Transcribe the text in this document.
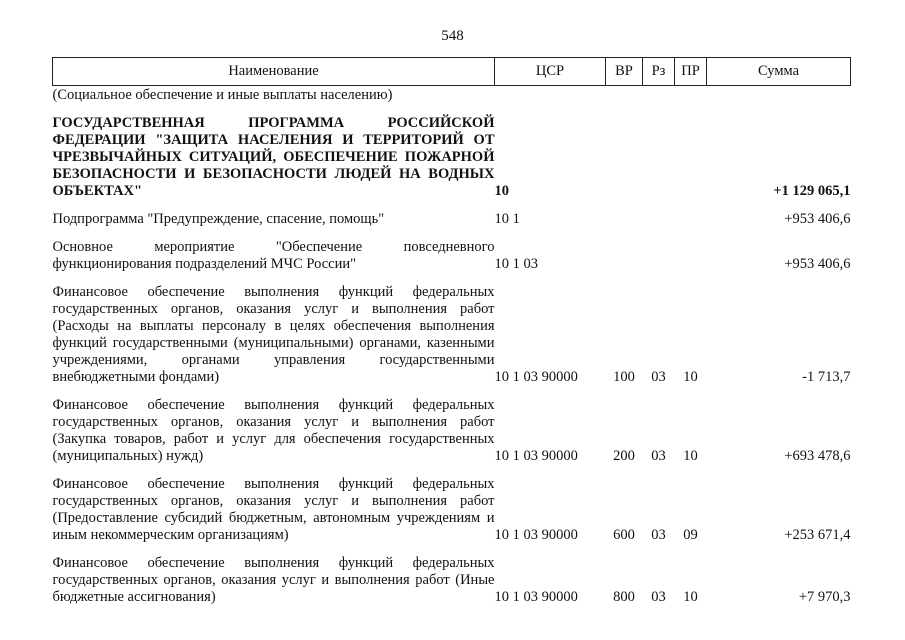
548
Наименование	ЦСР	ВР	Рз	ПР	Сумма
(Социальное обеспечение и иные выплаты населению)					

ГОСУДАРСТВЕННАЯ ПРОГРАММА РОССИЙСКОЙ ФЕДЕРАЦИИ "ЗАЩИТА НАСЕЛЕНИЯ И ТЕРРИТОРИЙ ОТ ЧРЕЗВЫЧАЙНЫХ СИТУАЦИЙ, ОБЕСПЕЧЕНИЕ ПОЖАРНОЙ БЕЗОПАСНОСТИ И БЕЗОПАСНОСТИ ЛЮДЕЙ НА ВОДНЫХ ОБЪЕКТАХ"	10				+1 129 065,1

Подпрограмма "Предупреждение, спасение, помощь"	10 1				+953 406,6

Основное мероприятие "Обеспечение повседневного функционирования подразделений МЧС России"	10 1 03				+953 406,6

Финансовое обеспечение выполнения функций федеральных государственных органов, оказания услуг и выполнения работ (Расходы на выплаты персоналу в целях обеспечения выполнения функций государственными (муниципальными) органами, казенными учреждениями, органами управления государственными внебюджетными фондами)	10 1 03 90000	100	03	10	-1 713,7

Финансовое обеспечение выполнения функций федеральных государственных органов, оказания услуг и выполнения работ (Закупка товаров, работ и услуг для обеспечения государственных (муниципальных) нужд)	10 1 03 90000	200	03	10	+693 478,6

Финансовое обеспечение выполнения функций федеральных государственных органов, оказания услуг и выполнения работ (Предоставление субсидий бюджетным, автономным учреждениям и иным некоммерческим организациям)	10 1 03 90000	600	03	09	+253 671,4

Финансовое обеспечение выполнения функций федеральных государственных органов, оказания услуг и выполнения работ (Иные бюджетные ассигнования)	10 1 03 90000	800	03	10	+7 970,3
